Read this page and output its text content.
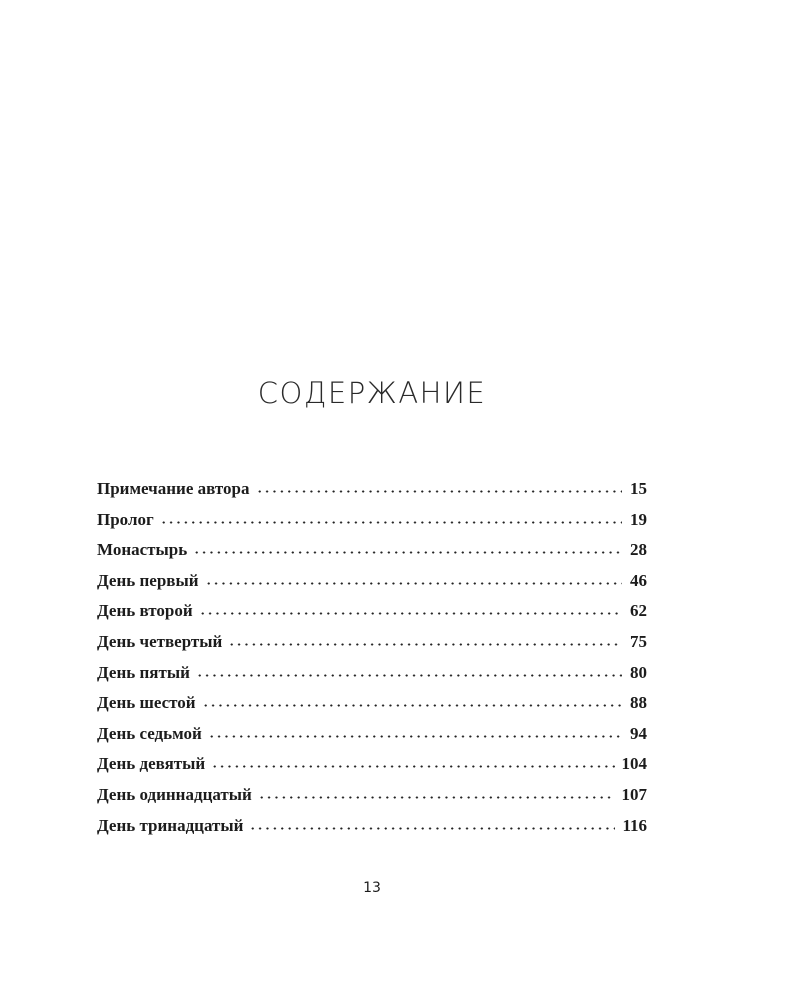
СОДЕРЖАНИЕ
Примечание автора	15
Пролог	19
Монастырь	28
День первый	46
День второй	62
День четвертый	75
День пятый	80
День шестой	88
День седьмой	94
День девятый	104
День одиннадцатый	107
День тринадцатый	116
13
